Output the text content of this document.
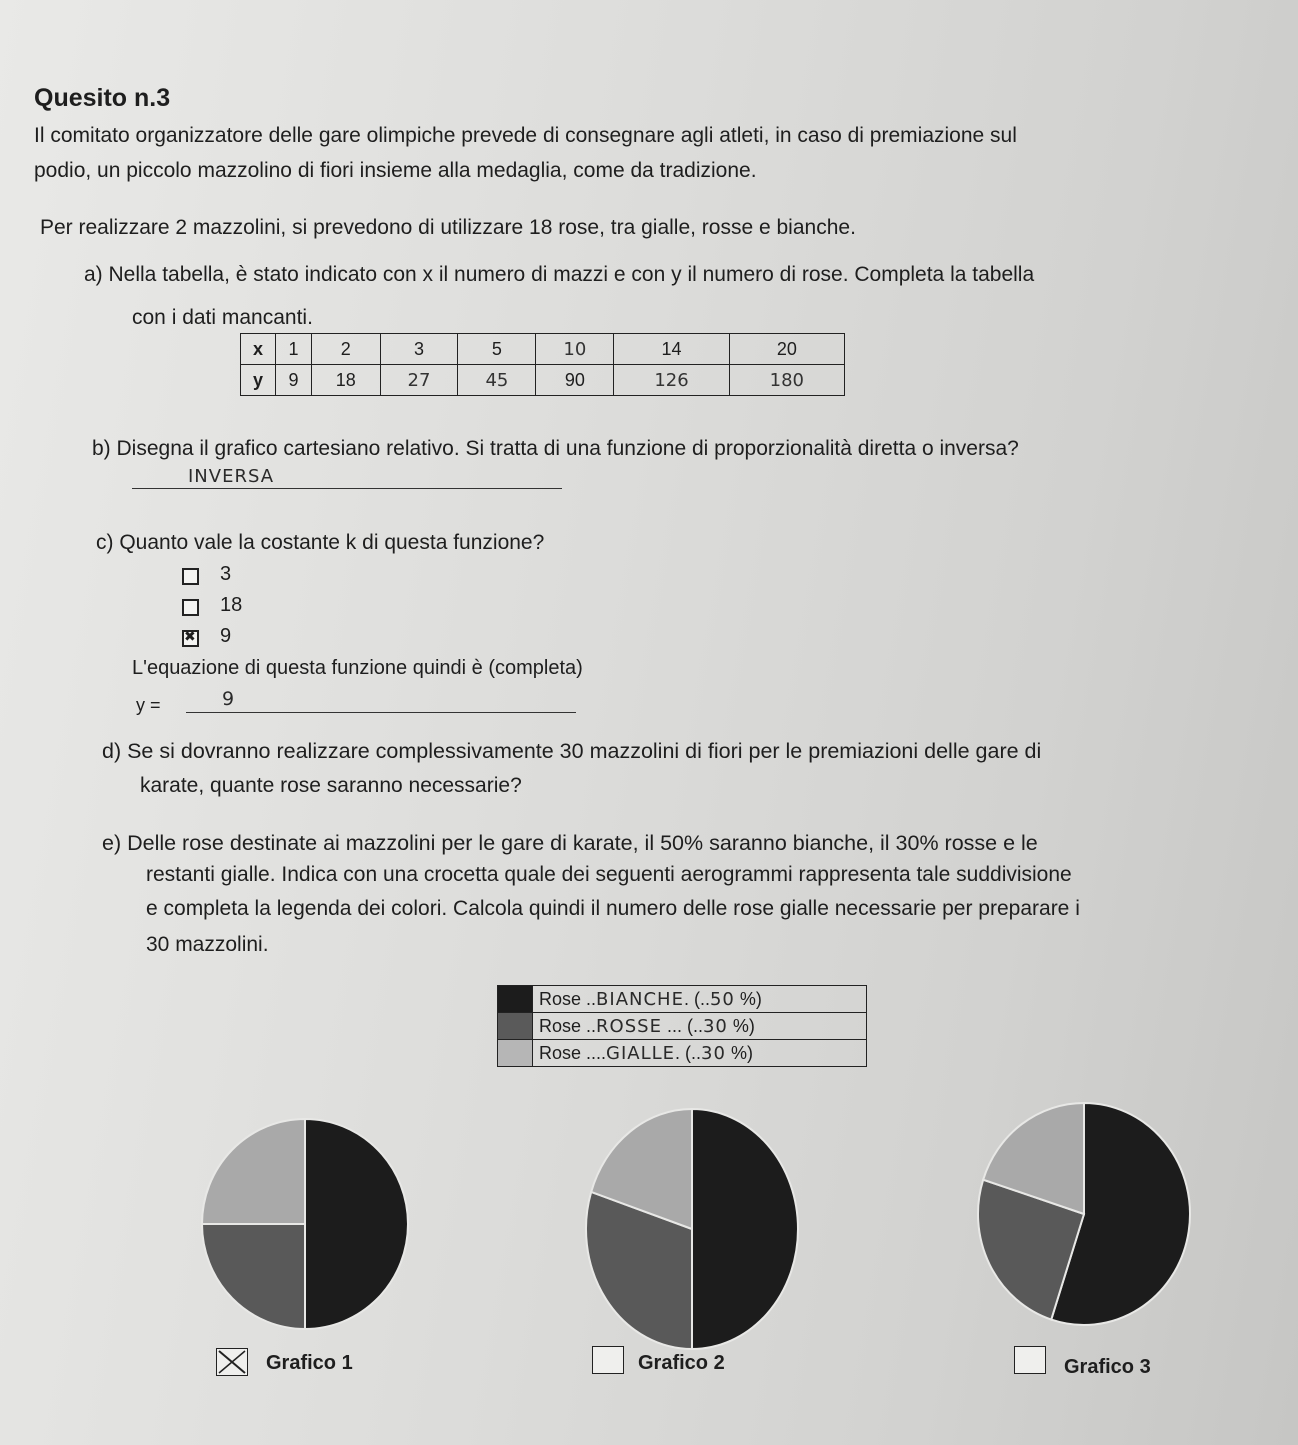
Quesito n.3
Il comitato organizzatore delle gare olimpiche prevede di consegnare agli atleti, in caso di premiazione sul
podio, un piccolo mazzolino di fiori insieme alla medaglia, come da tradizione.
Per realizzare 2 mazzolini, si prevedono di utilizzare 18 rose, tra gialle, rosse e bianche.
a) Nella tabella, è stato indicato con x il numero di mazzi e con y il numero di rose. Completa la tabella
con i dati mancanti.
x	1	2	3	5	10	14	20
y	9	18	27	45	90	126	180
b) Disegna il grafico cartesiano relativo. Si tratta di una funzione di proporzionalità diretta o inversa?
INVERSA
c) Quanto vale la costante k di questa funzione?
3
18
✖
9
L'equazione di questa funzione quindi è (completa)
y =	9
d) Se si dovranno realizzare complessivamente 30 mazzolini di fiori per le premiazioni delle gare di
karate, quante rose saranno necessarie?
e) Delle rose destinate ai mazzolini per le gare di karate, il 50% saranno bianche, il 30% rosse e le
restanti gialle. Indica con una crocetta quale dei seguenti aerogrammi rappresenta tale suddivisione
e completa la legenda dei colori. Calcola quindi il numero delle rose gialle necessarie per preparare i
30 mazzolini.
	Rose ..BIANCHE. (..50 %)

	Rose ..ROSSE ... (..30 %)

	Rose ....GIALLE. (..30 %)
Grafico 1	Grafico 2	Grafico 3
